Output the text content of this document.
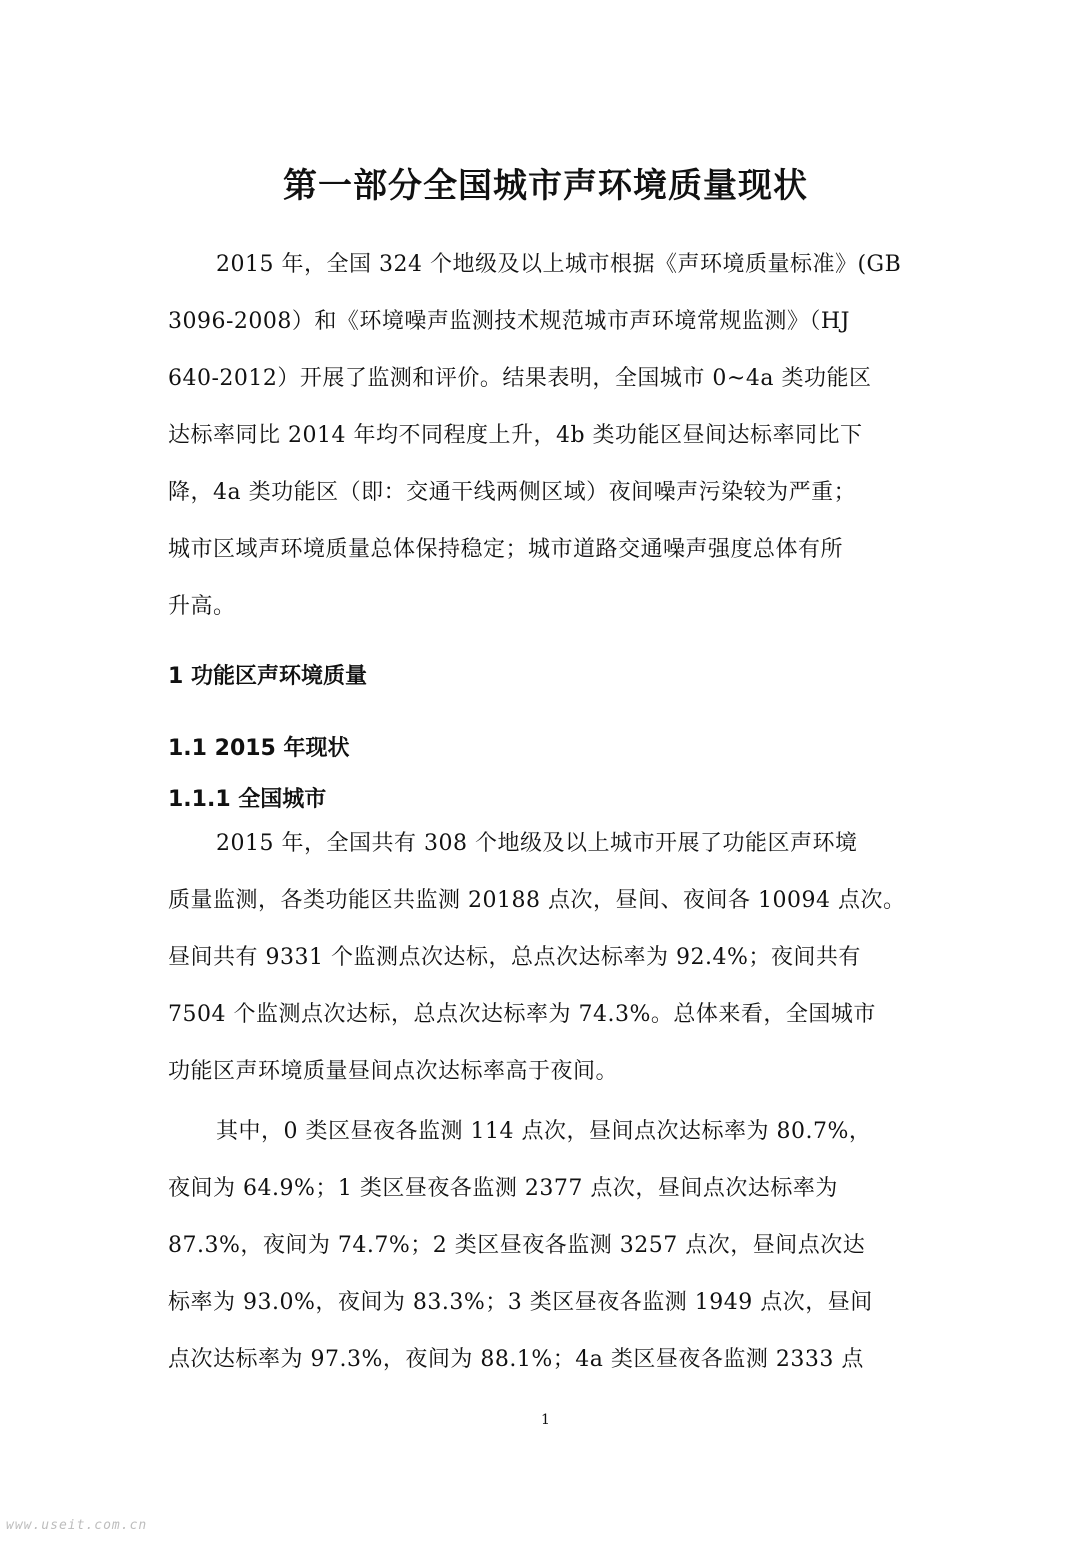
第一部分全国城市声环境质量现状
2015 年，全国 324 个地级及以上城市根据《声环境质量标准》(GB
3096-2008）和《环境噪声监测技术规范城市声环境常规监测》（HJ
640-2012）开展了监测和评价。结果表明，全国城市 0~4a 类功能区
达标率同比 2014 年均不同程度上升，4b 类功能区昼间达标率同比下
降，4a 类功能区（即：交通干线两侧区域）夜间噪声污染较为严重；
城市区域声环境质量总体保持稳定；城市道路交通噪声强度总体有所
升高。
1 功能区声环境质量
1.1 2015 年现状
1.1.1 全国城市
2015 年，全国共有 308 个地级及以上城市开展了功能区声环境
质量监测，各类功能区共监测 20188 点次，昼间、夜间各 10094 点次。
昼间共有 9331 个监测点次达标，总点次达标率为 92.4%；夜间共有
7504 个监测点次达标，总点次达标率为 74.3%。总体来看，全国城市
功能区声环境质量昼间点次达标率高于夜间。
其中，0 类区昼夜各监测 114 点次，昼间点次达标率为 80.7%，
夜间为 64.9%；1 类区昼夜各监测 2377 点次，昼间点次达标率为
87.3%，夜间为 74.7%；2 类区昼夜各监测 3257 点次，昼间点次达
标率为 93.0%，夜间为 83.3%；3 类区昼夜各监测 1949 点次，昼间
点次达标率为 97.3%，夜间为 88.1%；4a 类区昼夜各监测 2333 点
1
www.useit.com.cn
